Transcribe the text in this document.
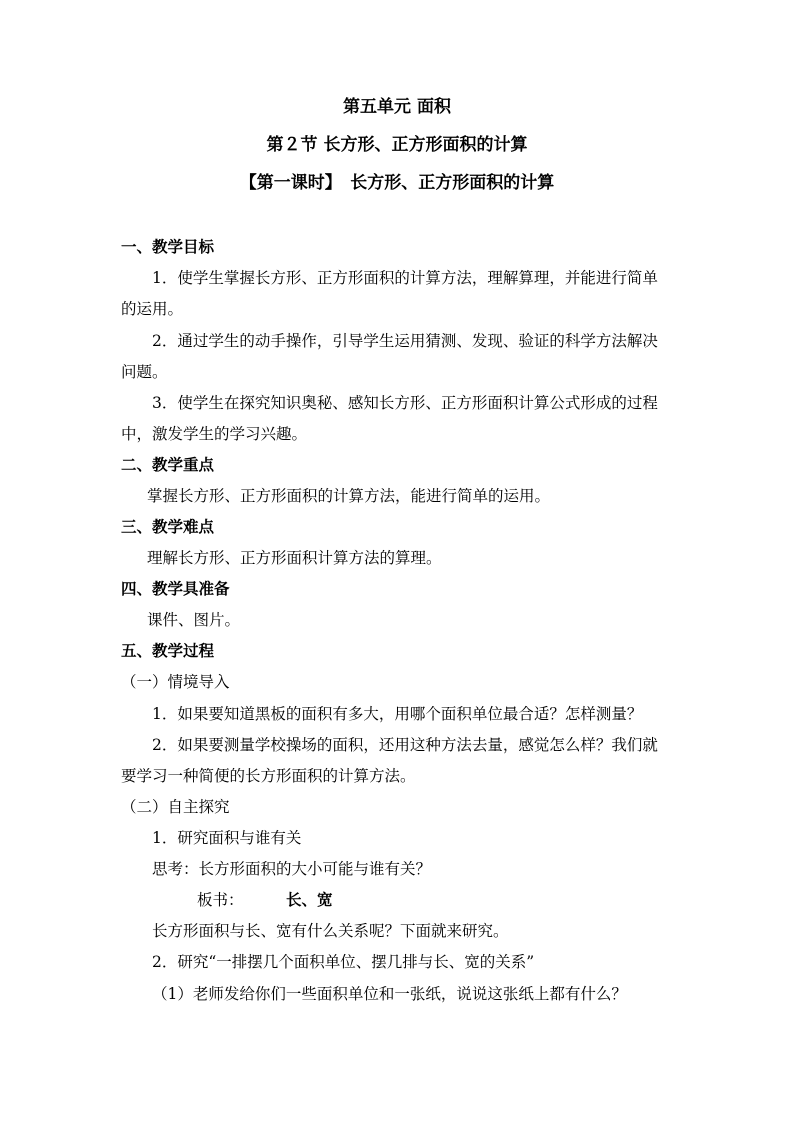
第五单元 面积
第２节 长方形、正方形面积的计算
【第一课时】　长方形、正方形面积的计算
一、教学目标
1．使学生掌握长方形、正方形面积的计算方法，理解算理，并能进行简单
的运用。
2．通过学生的动手操作，引导学生运用猜测、发现、验证的科学方法解决
问题。
3．使学生在探究知识奥秘、感知长方形、正方形面积计算公式形成的过程
中，激发学生的学习兴趣。
二、教学重点
掌握长方形、正方形面积的计算方法，能进行简单的运用。
三、教学难点
理解长方形、正方形面积计算方法的算理。
四、教学具准备
课件、图片。
五、教学过程
（一）情境导入
1．如果要知道黑板的面积有多大，用哪个面积单位最合适？怎样测量？
2．如果要测量学校操场的面积，还用这种方法去量，感觉怎么样？我们就
要学习一种简便的长方形面积的计算方法。
（二）自主探究
1．研究面积与谁有关
思考：长方形面积的大小可能与谁有关？
板书：	长、宽
长方形面积与长、宽有什么关系呢？下面就来研究。
2．研究“一排摆几个面积单位、摆几排与长、宽的关系”
（1）老师发给你们一些面积单位和一张纸，说说这张纸上都有什么？
